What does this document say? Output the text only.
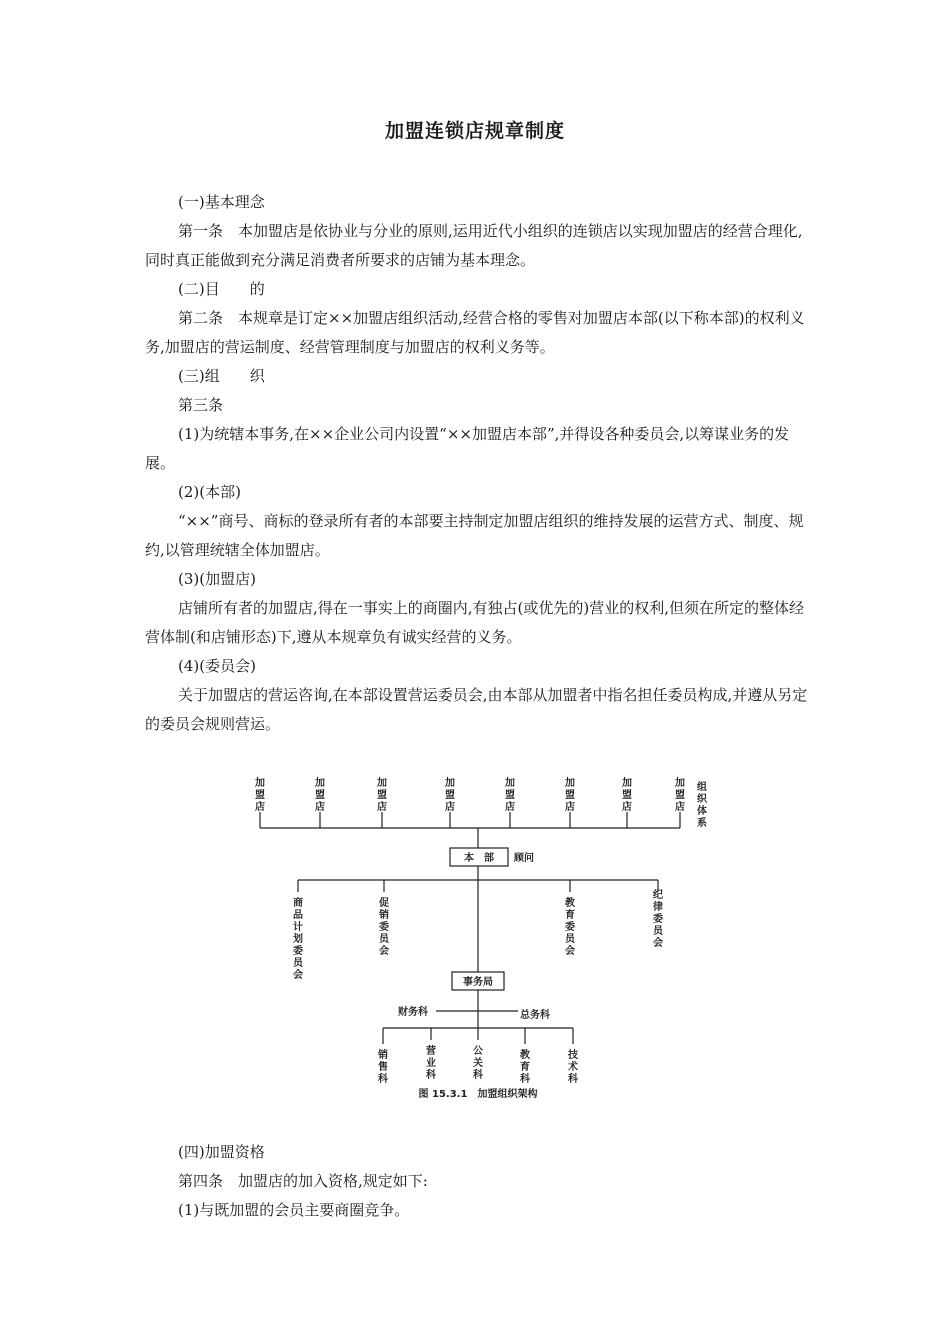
加盟连锁店规章制度

(一)基本理念

第一条　本加盟店是依协业与分业的原则,运用近代小组织的连锁店以实现加盟店的经营合理化,同时真正能做到充分满足消费者所要求的店铺为基本理念。

(二)目　　的

第二条　本规章是订定××加盟店组织活动,经营合格的零售对加盟店本部(以下称本部)的权利义务,加盟店的营运制度、经营管理制度与加盟店的权利义务等。

(三)组　　织

第三条

(1)为统辖本事务,在××企业公司内设置“××加盟店本部”,并得设各种委员会,以筹谋业务的发展。

(2)(本部)

“××”商号、商标的登录所有者的本部要主持制定加盟店组织的维持发展的运营方式、制度、规约,以管理统辖全体加盟店。

(3)(加盟店)

店铺所有者的加盟店,得在一事实上的商圈内,有独占(或优先的)营业的权利,但须在所定的整体经营体制(和店铺形态)下,遵从本规章负有诚实经营的义务。

(4)(委员会)

关于加盟店的营运咨询,在本部设置营运委员会,由本部从加盟者中指名担任委员构成,并遵从另定的委员会规则营运。

加盟店
加盟店
加盟店
加盟店
加盟店
加盟店
加盟店
加盟店
组织体系
本　部 顾问
商品计划委员会
促销委员会
教育委员会
纪律委员会
事务局
财务科	总务科
销售科
营业科
公关科
教育科
技术科
图 15.3.1　加盟组织架构

(四)加盟资格

第四条　加盟店的加入资格,规定如下:

(1)与既加盟的会员主要商圈竞争。
